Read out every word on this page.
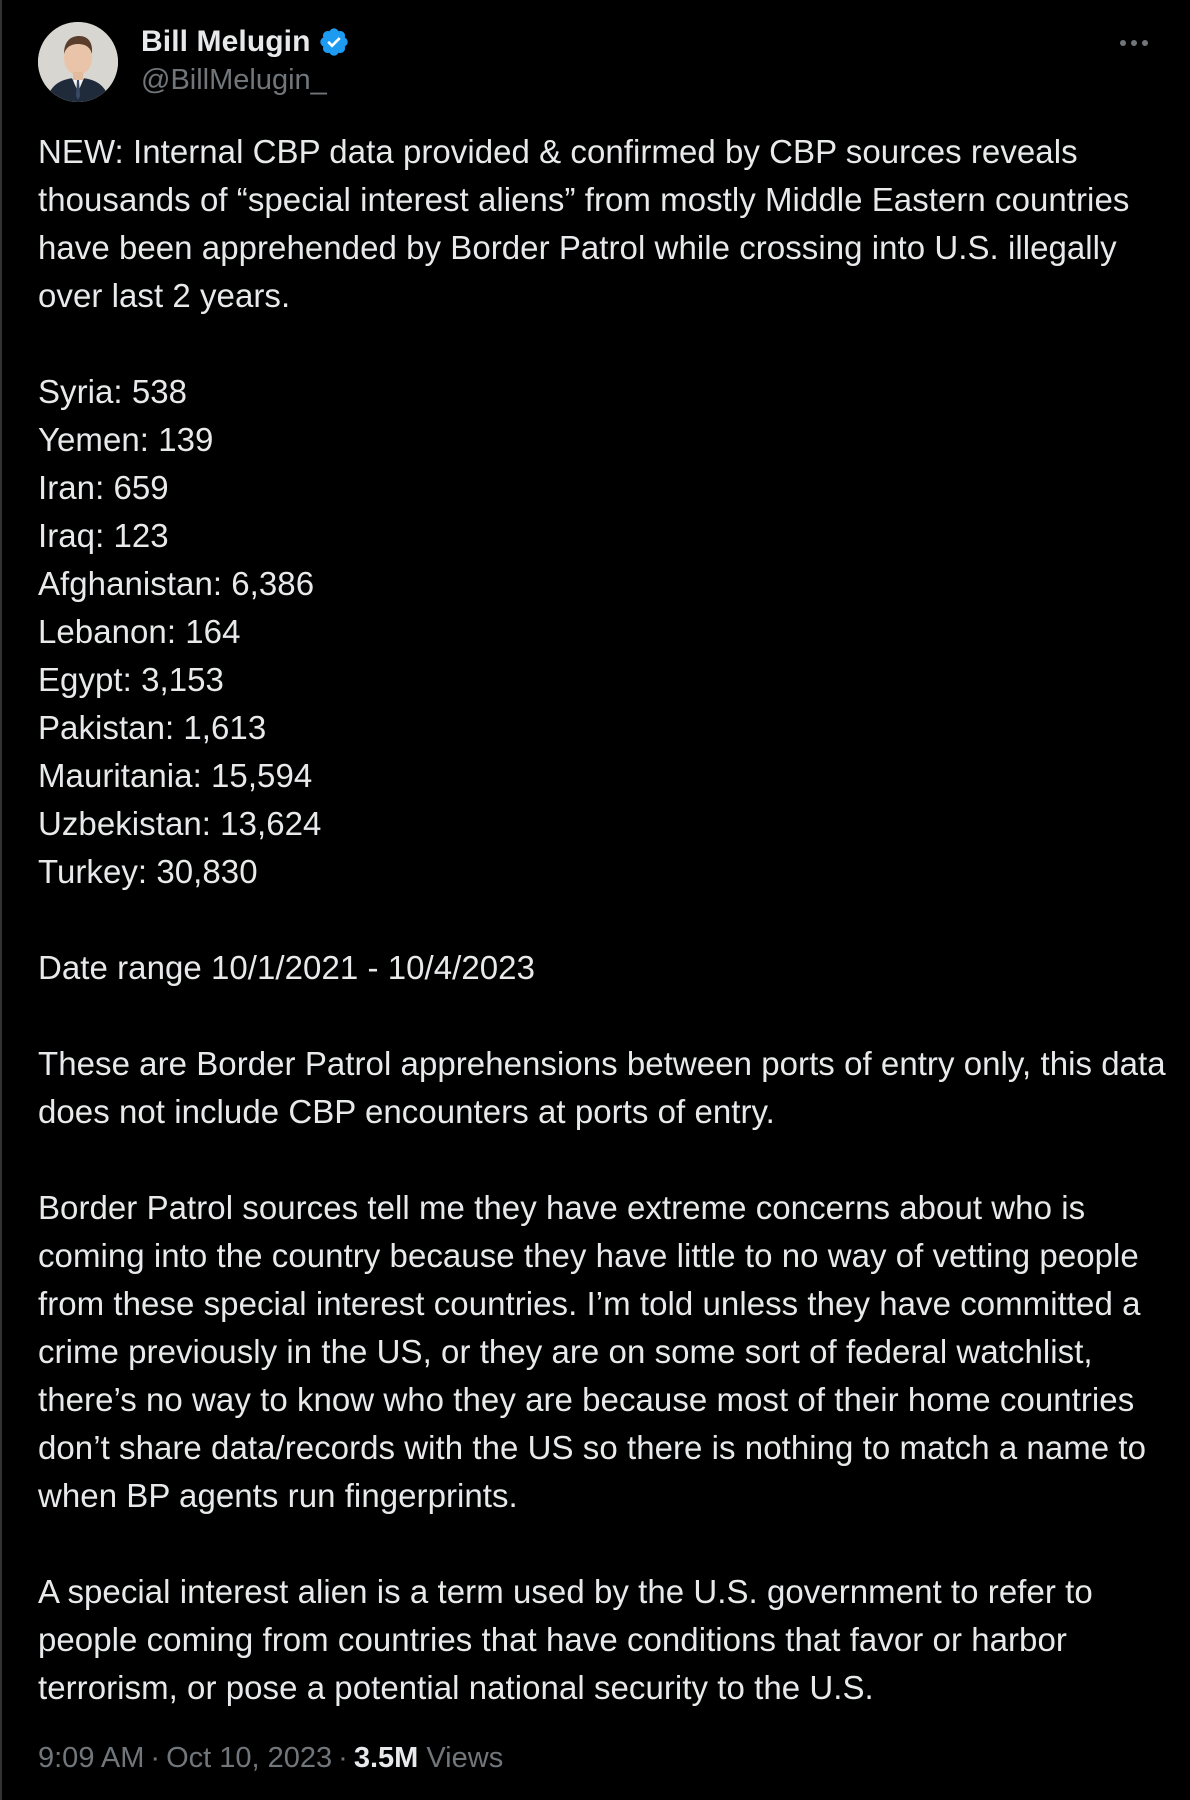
Bill Melugin
@BillMelugin_

NEW: Internal CBP data provided & confirmed by CBP sources reveals thousands of “special interest aliens” from mostly Middle Eastern countries have been apprehended by Border Patrol while crossing into U.S. illegally over last 2 years.

Syria: 538

Yemen: 139

Iran: 659

Iraq: 123

Afghanistan: 6,386

Lebanon: 164

Egypt: 3,153

Pakistan: 1,613

Mauritania: 15,594

Uzbekistan: 13,624

Turkey: 30,830

Date range 10/1/2021 - 10/4/2023

These are Border Patrol apprehensions between ports of entry only, this data does not include CBP encounters at ports of entry.

Border Patrol sources tell me they have extreme concerns about who is coming into the country because they have little to no way of vetting people from these special interest countries. I’m told unless they have committed a crime previously in the US, or they are on some sort of federal watchlist, there’s no way to know who they are because most of their home countries don’t share data/records with the US so there is nothing to match a name to when BP agents run fingerprints.

A special interest alien is a term used by the U.S. government to refer to people coming from countries that have conditions that favor or harbor terrorism, or pose a potential national security to the U.S.

9:09 AM · Oct 10, 2023 · 3.5M Views
